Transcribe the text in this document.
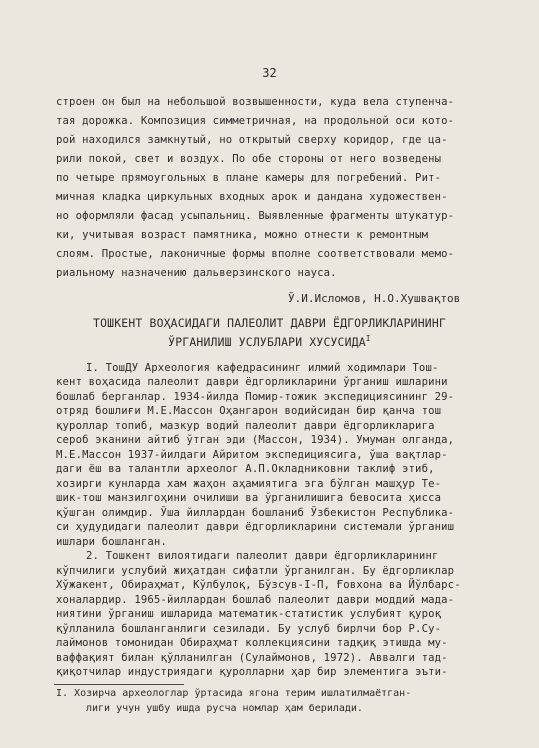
32
строен он был на небольшой возвышенности, куда вела ступенча-
тая дорожка. Композиция симметричная, на продольной оси кото-
рой находился замкнутый, но открытый сверху коридор, где ца-
рили покой, свет и воздух. По обе стороны от него возведены
по четыре прямоугольных в плане камеры для погребений. Рит-
мичная кладка циркульных входных арок и дандана художествен-
но оформляли фасад усыпальниц. Выявленные фрагменты штукатур-
ки, учитывая возраст памятника, можно отнести к ремонтным
слоям. Простые, лаконичные формы вполне соответствовали мемо-
риальному назначению дальверзинского науса.
Ў.И.Исломов, Н.О.Хушвақтов
ТОШКЕНТ ВОҲАСИДАГИ ПАЛЕОЛИТ ДАВРИ ЁДГОРЛИКЛАРИНИНГ
ЎРГАНИЛИШ УСЛУБЛАРИ ХУСУСИДА$^I$
I. ТошДУ Археология кафедрасининг илмий ходимлари Тош-
кент воҳасида палеолит даври ёдгорликларини ўрганиш ишларини
бошлаб берганлар. 1934-йилда Помир-тожик экспедициясининг 29-
отряд бошлиғи М.Е.Массон Оҳангарон водийсидан бир қанча тош
қуроллар топиб, мазкур водий палеолит даври ёдгорликларига
сероб эканини айтиб ўтган эди (Массон, 1934). Умуман олганда,
М.Е.Массон 1937-йилдаги Айритом экспедициясига, ўша вақтлар-
даги ёш ва талантли археолог А.П.Окладниковни таклиф этиб,
хозирги кунларда хам жаҳон аҳамиятига эга бўлган машҳур Те-
шик-тош манзилгоҳини очилиши ва ўрганилишига бевосита ҳисса
қўшган олимдир. Ўша йиллардан бошланиб Ўзбекистон Республика-
си ҳудудидаги палеолит даври ёдгорликларини системали ўрганиш
ишлари бошланган.
2. Тошкент вилоятидаги палеолит даври ёдгорликларининг
кўпчилиги услубий жиҳатдан сифатли ўрганилган. Бу ёдгорликлар
Хўжакент, Обираҳмат, Кўлбулоқ, Бўзсув-I-П, Ғовхона ва Йўлбарс-
хоналардир. 1965-йиллардан бошлаб палеолит даври моддий мада-
ниятини ўрганиш ишларида математик-статистик услубият қуроқ
қўлланила бошланганлиги сезилади. Бу услуб бирлчи бор Р.Су-
лаймонов томонидан Обираҳмат коллекциясини тадқиқ этишда му-
ваффақият билан қўлланилган (Сулаймонов, 1972). Аввалги тад-
қиқотчилар индустриядаги қуролларни ҳар бир элементига эъти-
I. Хозирча археологлар ўртасида ягона терим ишлатилмаётган-
лиги учун ушбу ишда русча номлар ҳам берилади.
